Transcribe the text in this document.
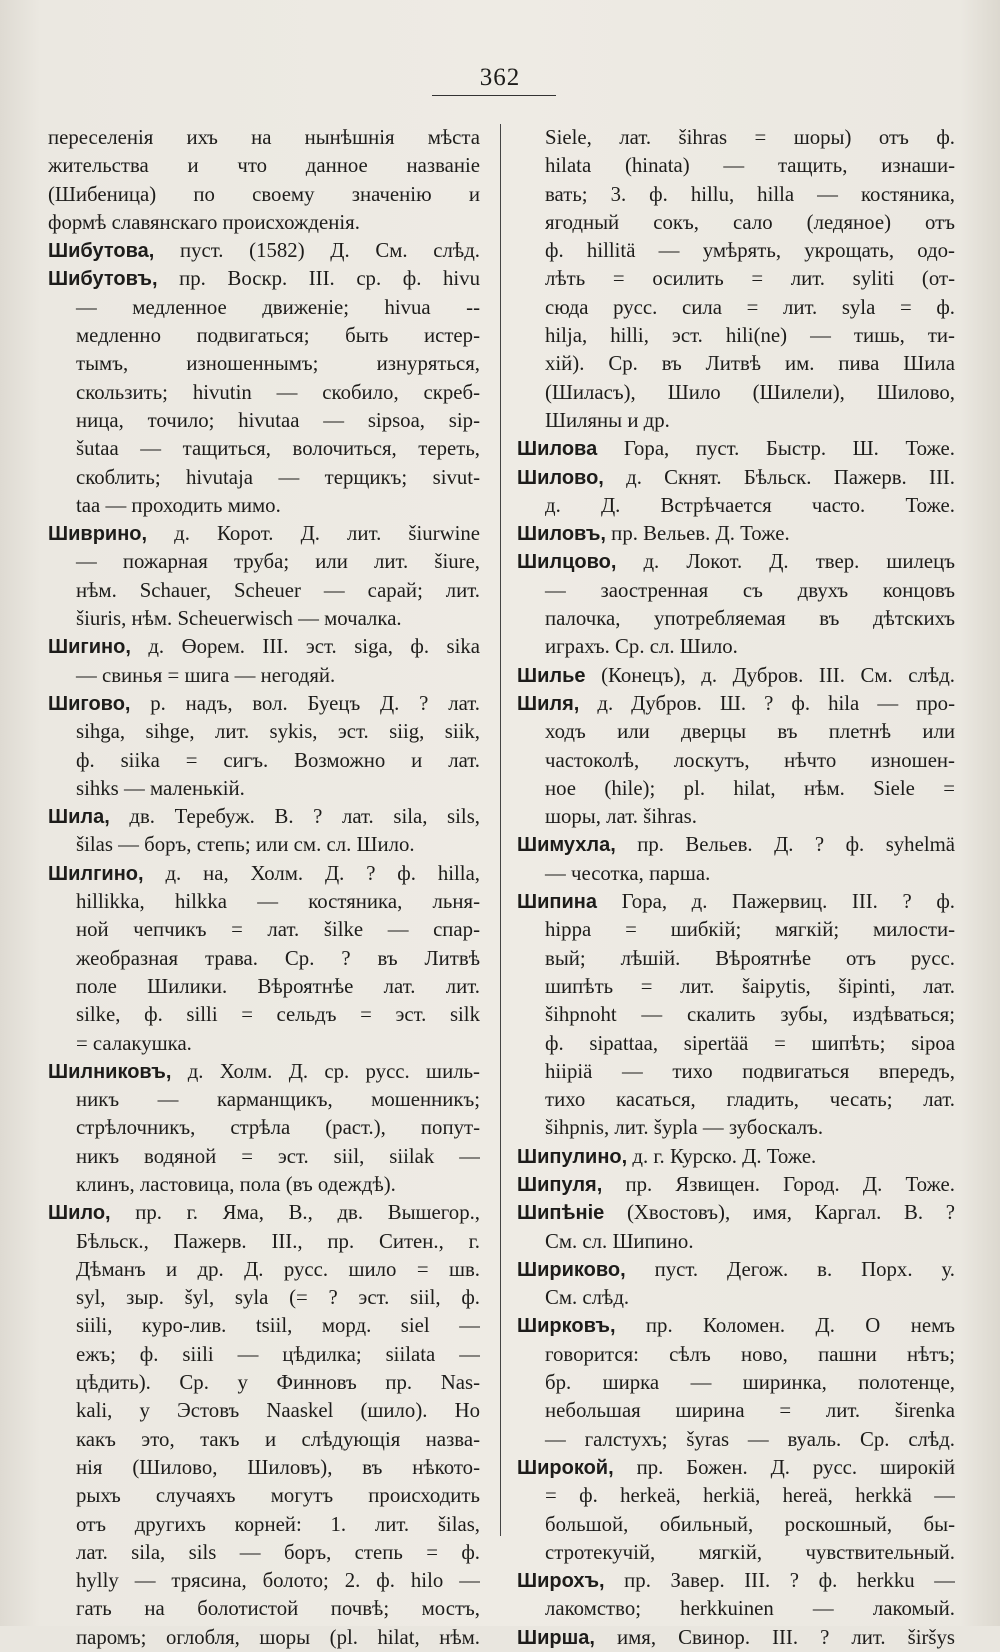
362
переселенія ихъ на нынѣшнія мѣста
жительства и что данное названіе
(Шибеница) по своему значенію и
формѣ славянскаго происхожденія.
Шибутова, пуст. (1582) Д. См. слѣд.
Шибутовъ, пр. Воскр. III. ср. ф. hivu
— медленное движеніе; hivua --
медленно подвигаться; быть истер-
тымъ, изношеннымъ; изнуряться,
скользить; hivutin — скобило, скреб-
ница, точило; hivutaa — sipsoa, sip-
šutaa — тащиться, волочиться, тереть,
скоблить; hivutaja — терщикъ; sivut-
taa — проходить мимо.
Шиврино, д. Корот. Д. лит. šiurwine
— пожарная труба; или лит. šiure,
нѣм. Schauer, Scheuer — сарай; лит.
šiuris, нѣм. Scheuerwisch — мочалка.
Шигино, д. Өорем. III. эст. siga, ф. sika
— свинья = шига — негодяй.
Шигово, р. надъ, вол. Буецъ Д. ? лат.
sihga, sihge, лит. sykis, эст. siig, siik,
ф. siika = сигъ. Возможно и лат.
sihks — маленькій.
Шила, дв. Теребуж. В. ? лат. sila, sils,
šilas — боръ, степь; или см. сл. Шило.
Шилгино, д. на, Холм. Д. ? ф. hilla,
hillikka, hilkka — костяника, льня-
ной чепчикъ = лат. šilke — спар-
жеобразная трава. Ср. ? въ Литвѣ
поле Шилики. Вѣроятнѣе лат. лит.
silke, ф. silli = сельдъ = эст. silk
= салакушка.
Шилниковъ, д. Холм. Д. ср. русс. шиль-
никъ — карманщикъ, мошенникъ;
стрѣлочникъ, стрѣла (раст.), попут-
никъ водяной = эст. siil, siilak —
клинъ, ластовица, пола (въ одеждѣ).
Шило, пр. г. Яма, В., дв. Вышегор.,
Бѣльск., Пажерв. III., пр. Ситен., г.
Дѣманъ и др. Д. русс. шило = шв.
syl, зыр. šyl, syla (= ? эст. siil, ф.
siili, куро-лив. tsiil, морд. siel —
ежъ; ф. siili — цѣдилка; siilata —
цѣдить). Ср. у Финновъ пр. Nas-
kali, у Эстовъ Naaskel (шило). Но
какъ это, такъ и слѣдующія назва-
нія (Шилово, Шиловъ), въ нѣкото-
рыхъ случаяхъ могутъ происходить
отъ другихъ корней: 1. лит. šilas,
лат. sila, sils — боръ, степь = ф.
hyllу — трясина, болото; 2. ф. hilo —
гать на болотистой почвѣ; мостъ,
паромъ; оглобля, шоры (pl. hilat, нѣм.
Siele, лат. šihras = шоры) отъ ф.
hilata (hinata) — тащить, изнаши-
вать; 3. ф. hillu, hilla — костяника,
ягодный сокъ, сало (ледяное) отъ
ф. hillitä — умѣрять, укрощать, одо-
лѣть = осилить = лит. syliti (от-
сюда русс. сила = лит. syla = ф.
hilja, hilli, эст. hili(ne) — тишь, ти-
хій). Ср. въ Литвѣ им. пива Шила
(Шиласъ), Шило (Шилели), Шилово,
Шиляны и др.
Шилова Гора, пуст. Быстр. Ш. Тоже.
Шилово, д. Скнят. Бѣльск. Пажерв. III.
д. Д. Встрѣчается часто. Тоже.
Шиловъ, пр. Вельев. Д. Тоже.
Шилцово, д. Локот. Д. твер. шилецъ
— заостренная съ двухъ концовъ
палочка, употребляемая въ дѣтскихъ
играхъ. Ср. сл. Шило.
Шилье (Конецъ), д. Дубров. III. См. слѣд.
Шиля, д. Дубров. Ш. ? ф. hila — про-
ходъ или дверцы въ плетнѣ или
частоколѣ, лоскутъ, нѣчто изношен-
ное (hile); pl. hilat, нѣм. Siele =
шоры, лат. šihras.
Шимухла, пр. Вельев. Д. ? ф. syhelmä
— чесотка, парша.
Шипина Гора, д. Пажервиц. III. ? ф.
hippa = шибкій; мягкій; милости-
вый; лѣшій. Вѣроятнѣе отъ русс.
шипѣть = лит. šaipytis, šipinti, лат.
šihpnoht — скалить зубы, издѣваться;
ф. sipattaa, sipertää = шипѣть; siроа
hiipiä — тихо подвигаться впередъ,
тихо касаться, гладить, чесать; лат.
šihpnis, лит. šypla — зубоскалъ.
Шипулино, д. г. Курско. Д. Тоже.
Шипуля, пр. Язвищен. Город. Д. Тоже.
Шипѣніе (Хвостовъ), имя, Каргал. В. ?
См. сл. Шипино.
Шириково, пуст. Дегож. в. Порх. у.
См. слѣд.
Ширковъ, пр. Коломен. Д. О немъ
говорится: сѣлъ ново, пашни нѣтъ;
бр. ширка — ширинка, полотенце,
небольшая ширина = лит. širenka
— галстухъ; šyras — вуаль. Ср. слѣд.
Широкой, пр. Божен. Д. русс. широкій
= ф. herkeä, herkiä, hereä, herkkä —
большой, обильный, роскошный, бы-
стротекучій, мягкій, чувствительный.
Широхъ, пр. Завер. III. ? ф. herkku —
лакомство; herkkuinen — лакомый.
Ширша, имя, Свинор. III. ? лит. širšys
